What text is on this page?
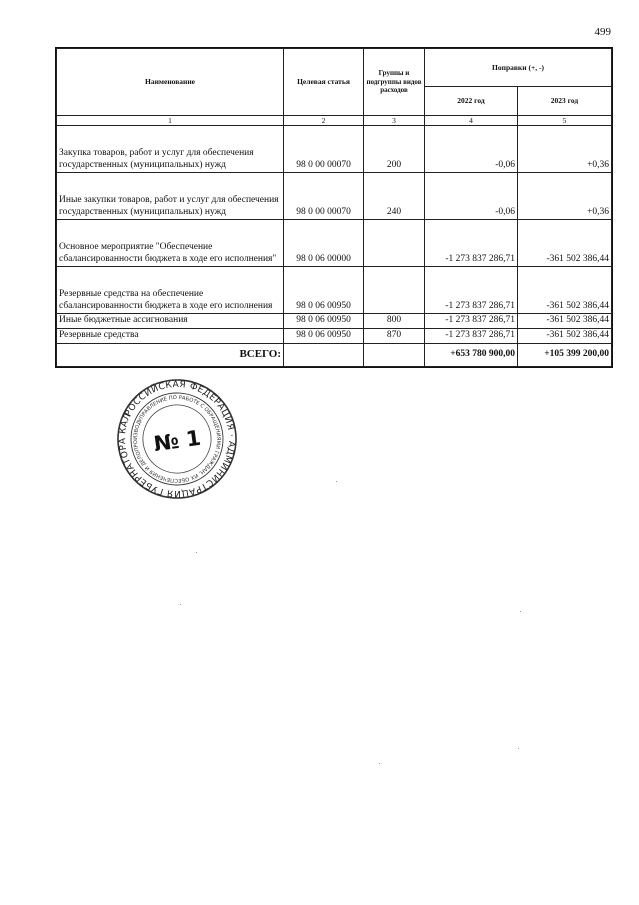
499
Наименование	Целевая статья	Группы и подгруппы видов расходов	Поправки (+, -)	
			2022 год	2023 год
1	2	3	4	5
Закупка товаров, работ и услуг для обеспечения государственных (муниципальных) нужд	98 0 00 00070	200	-0,06	+0,36
Иные закупки товаров, работ и услуг для обеспечения государственных (муниципальных) нужд	98 0 00 00070	240	-0,06	+0,36
Основное мероприятие "Обеспечение сбалансированности бюджета в ходе его исполнения"	98 0 06 00000		-1 273 837 286,71	-361 502 386,44
Резервные средства на обеспечение сбалансированности бюджета в ходе его исполнения	98 0 06 00950		-1 273 837 286,71	-361 502 386,44
Иные бюджетные ассигнования	98 0 06 00950	800	-1 273 837 286,71	-361 502 386,44
Резервные средства	98 0 06 00950	870	-1 273 837 286,71	-361 502 386,44
ВСЕГО:			+653 780 900,00	+105 399 200,00
РОССИЙСКАЯ ФЕДЕРАЦИЯ · АДМИНИСТРАЦИЯ ГУБЕРНАТОРА КАЛУЖСКОЙ
УПРАВЛЕНИЕ ПО РАБОТЕ С ОБРАЩЕНИЯМИ ГРАЖДАН, ИХ ОБЕСПЕЧЕНИЯ И ДЕЛОПРОИЗВОДСТВУ
№ 1
